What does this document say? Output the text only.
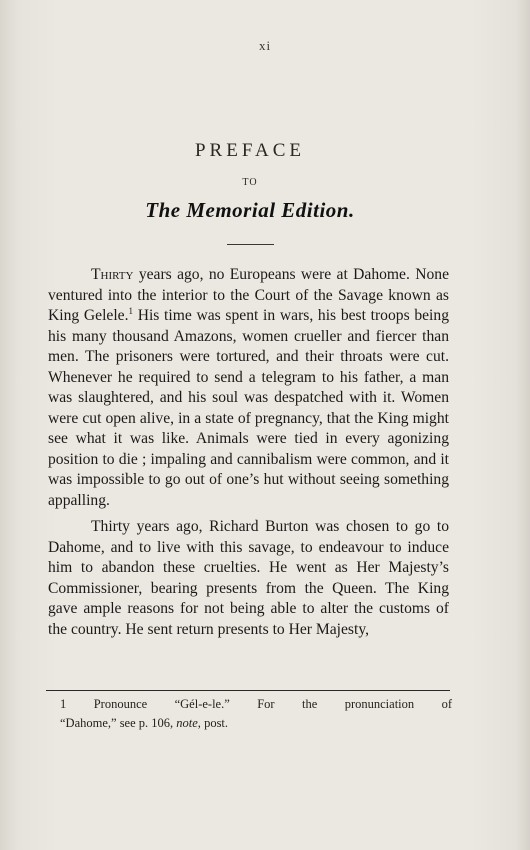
xi
PREFACE
TO
The Memorial Edition.

Thirty years ago, no Europeans were at Dahome. None ventured into the interior to the Court of the Savage known as King Gelele.$^1$ His time was spent in wars, his best troops being his many thousand Amazons, women crueller and fiercer than men. The prisoners were tortured, and their throats were cut. Whenever he required to send a telegram to his father, a man was slaughtered, and his soul was despatched with it. Women were cut open alive, in a state of pregnancy, that the King might see what it was like. Animals were tied in every agonizing position to die ; impaling and cannibalism were common, and it was impossible to go out of one’s hut without seeing something appalling.

Thirty years ago, Richard Burton was chosen to go to Dahome, and to live with this savage, to endeavour to induce him to abandon these cruelties. He went as Her Majesty’s Commissioner, bearing presents from the Queen. The King gave ample reasons for not being able to alter the customs of the country. He sent return presents to Her Majesty,

1 Pronounce “Gél-e-le.” For the pronunciation of
“Dahome,” see p. 106, note, post.
